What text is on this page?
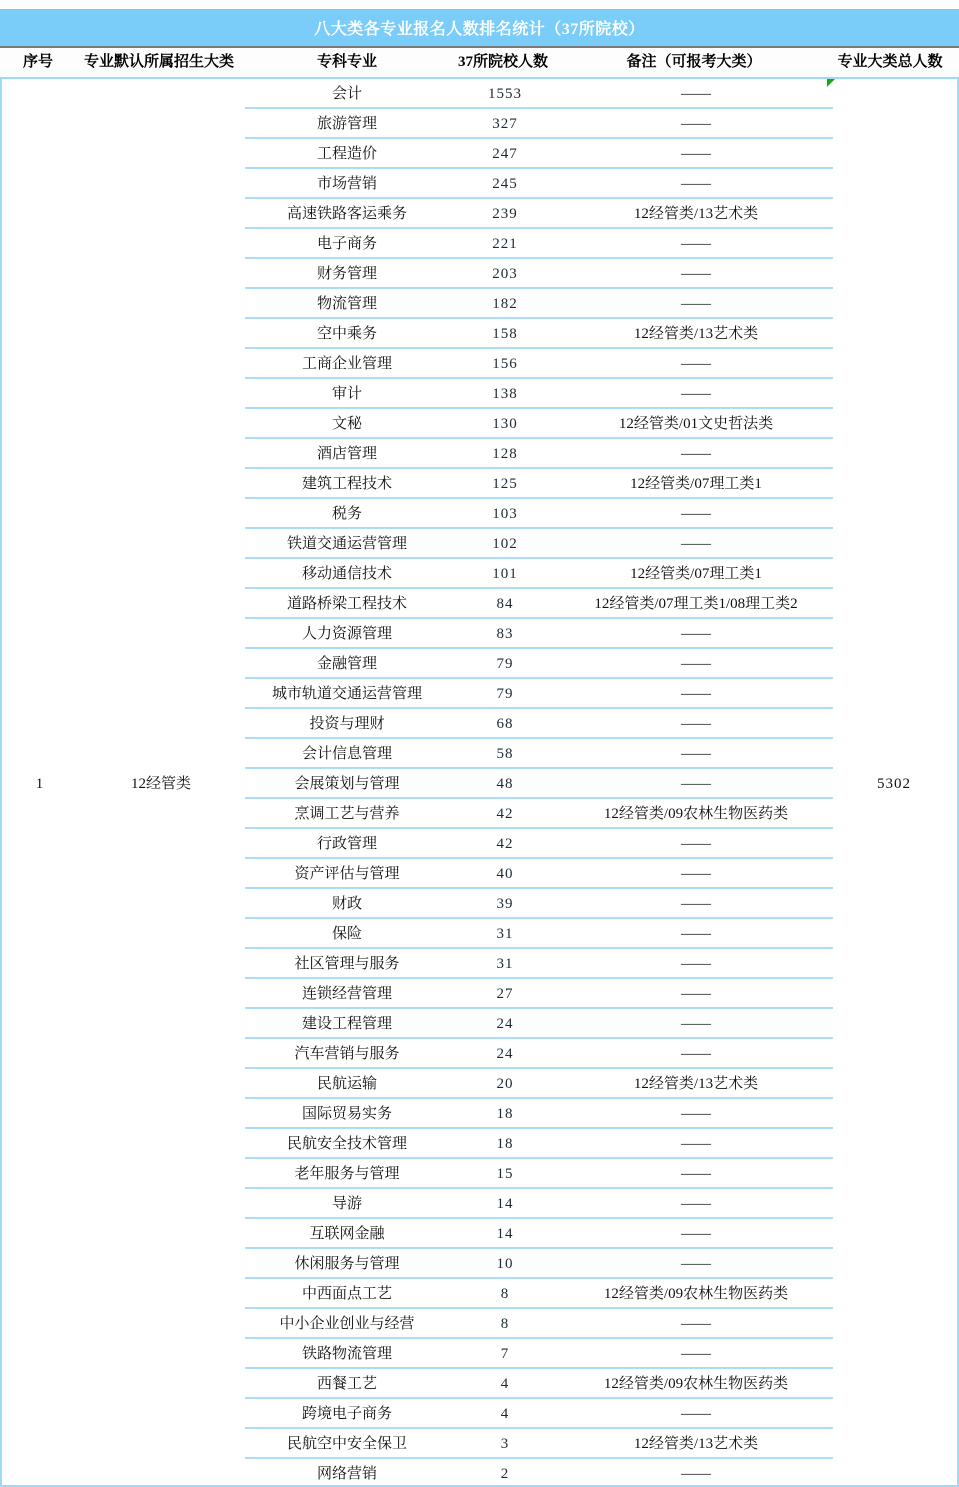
八大类各专业报名人数排名统计（37所院校）
序号	专业默认所属招生大类	专科专业	37所院校人数	备注（可报考大类）	专业大类总人数
会计	1553	——
旅游管理	327	——
工程造价	247	——
市场营销	245	——
高速铁路客运乘务	239	12经管类/13艺术类
电子商务	221	——
财务管理	203	——
物流管理	182	——
空中乘务	158	12经管类/13艺术类
工商企业管理	156	——
审计	138	——
文秘	130	12经管类/01文史哲法类
酒店管理	128	——
建筑工程技术	125	12经管类/07理工类1
税务	103	——
铁道交通运营管理	102	——
移动通信技术	101	12经管类/07理工类1
道路桥梁工程技术	84	12经管类/07理工类1/08理工类2
人力资源管理	83	——
金融管理	79	——
城市轨道交通运营管理	79	——
投资与理财	68	——
会计信息管理	58	——
会展策划与管理	48	——
烹调工艺与营养	42	12经管类/09农林生物医药类
行政管理	42	——
资产评估与管理	40	——
财政	39	——
保险	31	——
社区管理与服务	31	——
连锁经营管理	27	——
建设工程管理	24	——
汽车营销与服务	24	——
民航运输	20	12经管类/13艺术类
国际贸易实务	18	——
民航安全技术管理	18	——
老年服务与管理	15	——
导游	14	——
互联网金融	14	——
休闲服务与管理	10	——
中西面点工艺	8	12经管类/09农林生物医药类
中小企业创业与经营	8	——
铁路物流管理	7	——
西餐工艺	4	12经管类/09农林生物医药类
跨境电子商务	4	——
民航空中安全保卫	3	12经管类/13艺术类
网络营销	2	——
1	12经管类	5302
